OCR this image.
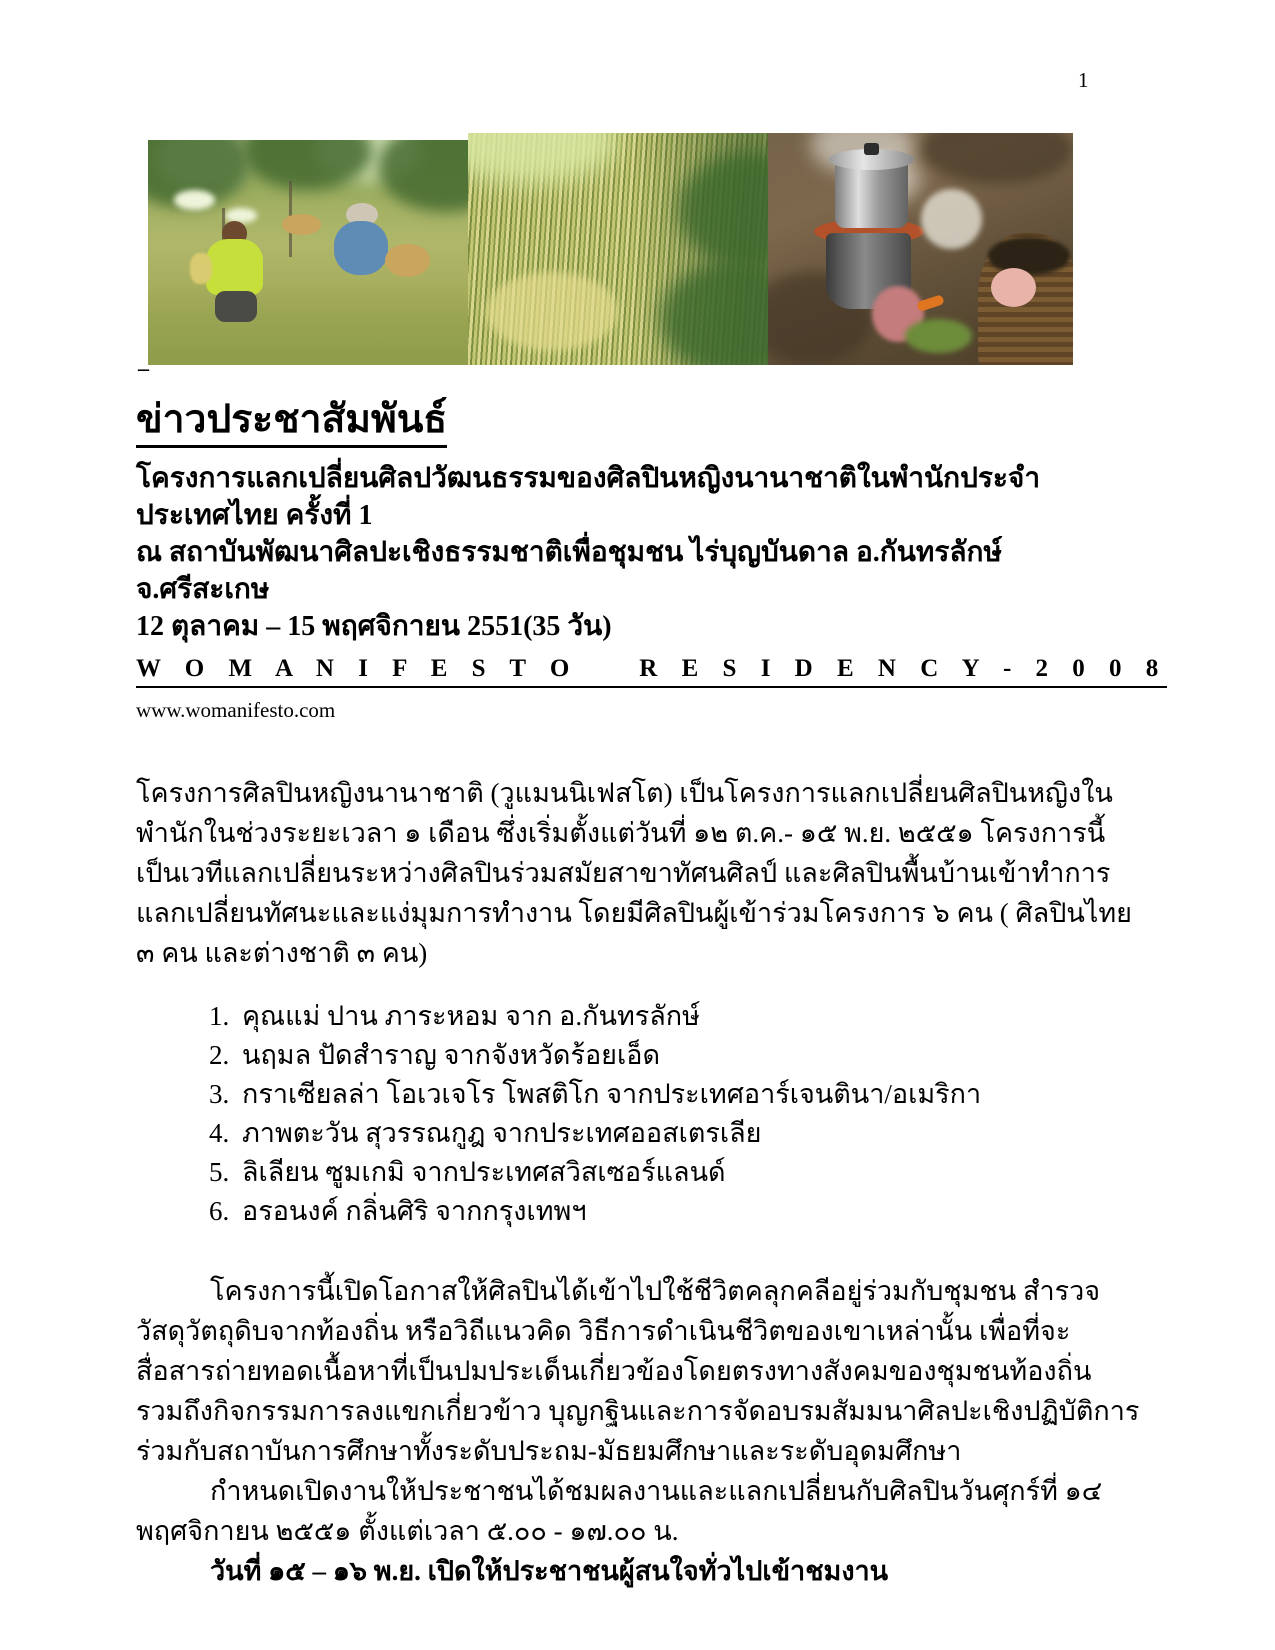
1
_
ข่าวประชาสัมพันธ์
โครงการแลกเปลี่ยนศิลปวัฒนธรรมของศิลปินหญิงนานาชาติในพำนักประจำประเทศไทย ครั้งที่ 1
ณ สถาบันพัฒนาศิลปะเชิงธรรมชาติเพื่อชุมชน ไร่บุญบันดาล อ.กันทรลักษ์ จ.ศรีสะเกษ
12 ตุลาคม – 15 พฤศจิกายน 2551(35 วัน)
W O M A N I F E S T O    R E S I D E N C Y - 2 0 0 8
www.womanifesto.com

โครงการศิลปินหญิงนานาชาติ (วูแมนนิเฟสโต) เป็นโครงการแลกเปลี่ยนศิลปินหญิงในพำนักในช่วงระยะเวลา ๑ เดือน ซึ่งเริ่มตั้งแต่วันที่ ๑๒ ต.ค.- ๑๕ พ.ย. ๒๕๕๑ โครงการนี้เป็นเวทีแลกเปลี่ยนระหว่างศิลปินร่วมสมัยสาขาทัศนศิลป์ และศิลปินพื้นบ้านเข้าทำการแลกเปลี่ยนทัศนะและแง่มุมการทำงาน โดยมีศิลปินผู้เข้าร่วมโครงการ ๖ คน ( ศิลปินไทย ๓ คน และต่างชาติ ๓ คน)

1. คุณแม่ ปาน ภาระหอม จาก อ.กันทรลักษ์
2. นฤมล ปัดสำราญ จากจังหวัดร้อยเอ็ด
3. กราเซียลล่า โอเวเจโร โพสติโก จากประเทศอาร์เจนตินา/อเมริกา
4. ภาพตะวัน สุวรรณกูฎ จากประเทศออสเตรเลีย
5. ลิเลียน ซูมเกมิ จากประเทศสวิสเซอร์แลนด์
6. อรอนงค์ กลิ่นศิริ จากกรุงเทพฯ

โครงการนี้เปิดโอกาสให้ศิลปินได้เข้าไปใช้ชีวิตคลุกคลีอยู่ร่วมกับชุมชน สำรวจวัสดุวัตถุดิบจากท้องถิ่น หรือวิถีแนวคิด วิธีการดำเนินชีวิตของเขาเหล่านั้น เพื่อที่จะสื่อสารถ่ายทอดเนื้อหาที่เป็นปมประเด็นเกี่ยวข้องโดยตรงทางสังคมของชุมชนท้องถิ่น รวมถึงกิจกรรมการลงแขกเกี่ยวข้าว บุญกฐินและการจัดอบรมสัมมนาศิลปะเชิงปฏิบัติการร่วมกับสถาบันการศึกษาทั้งระดับประถม-มัธยมศึกษาและระดับอุดมศึกษา

กำหนดเปิดงานให้ประชาชนได้ชมผลงานและแลกเปลี่ยนกับศิลปินวันศุกร์ที่ ๑๔ พฤศจิกายน ๒๕๕๑ ตั้งแต่เวลา ๕.๐๐ - ๑๗.๐๐ น.

วันที่ ๑๕ – ๑๖ พ.ย. เปิดให้ประชาชนผู้สนใจทั่วไปเข้าชมงาน
